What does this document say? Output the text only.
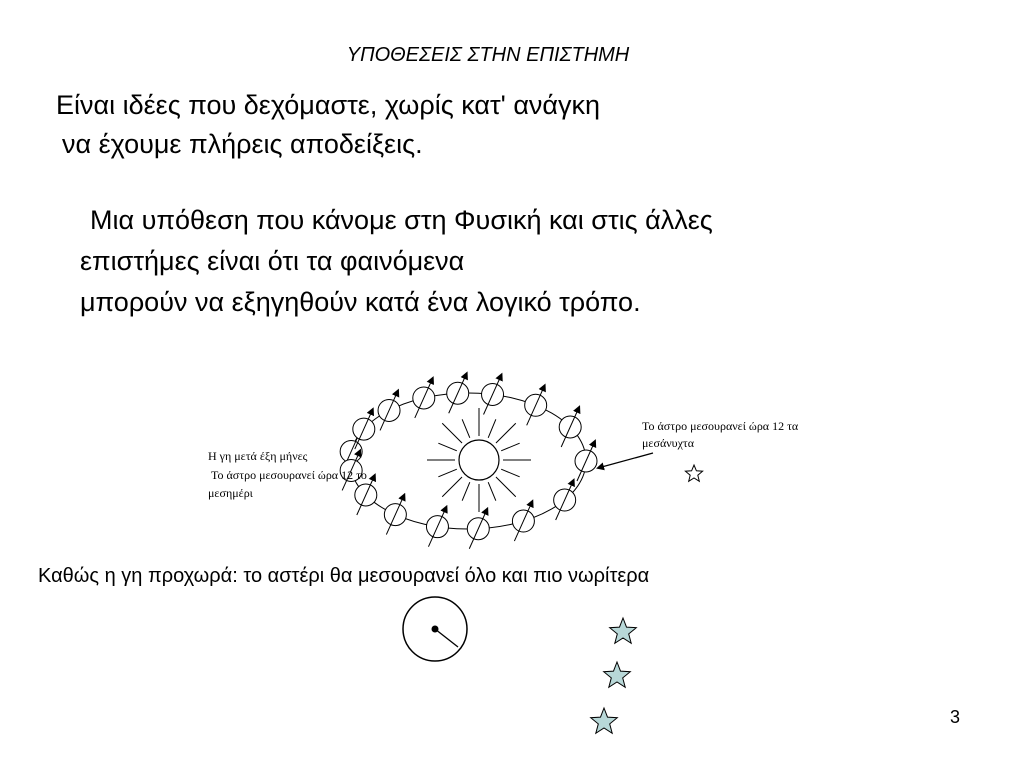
ΥΠΟΘΕΣΕΙΣ ΣΤΗΝ ΕΠΙΣΤΗΜΗ
Είναι ιδέες που δεχόμαστε, χωρίς κατ' ανάγκη
να έχουμε πλήρεις αποδείξεις.
Μια υπόθεση που κάνομε στη Φυσική και στις άλλες
επιστήμες είναι ότι τα φαινόμενα
μπορούν να εξηγηθούν κατά ένα λογικό τρόπο.
Η γη μετά έξη μήνες
Το άστρο μεσουρανεί ώρα 12 το
μεσημέρι
Το άστρο μεσουρανεί ώρα 12 τα
μεσάνυχτα
Καθώς η γη προχωρά: το αστέρι θα μεσουρανεί όλο και πιο νωρίτερα
3
